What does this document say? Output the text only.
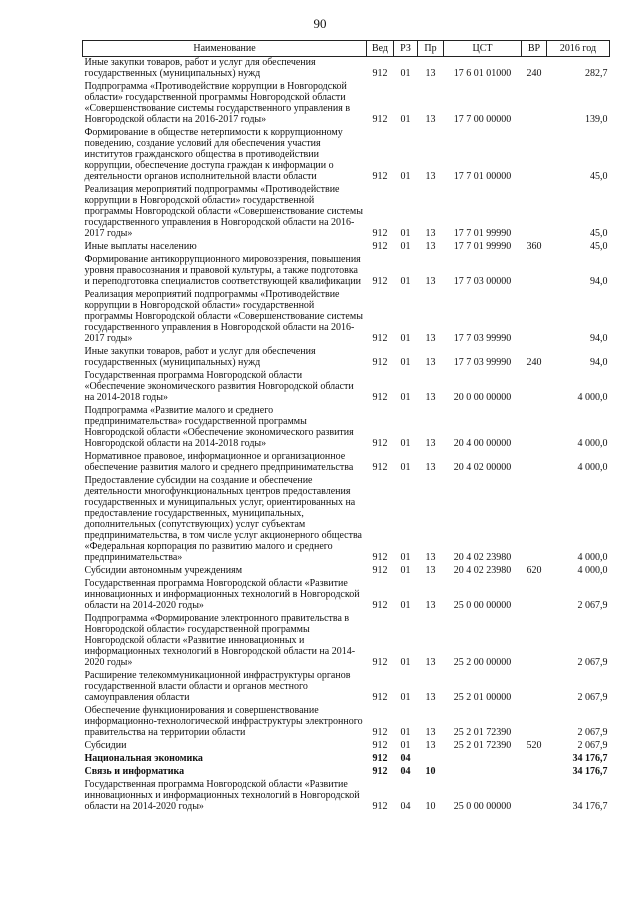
90
Наименование	Вед	РЗ	Пр	ЦСТ	ВР	2016 год
Иные закупки товаров, работ и услуг для обеспечения государственных (муниципальных) нужд	912	01	13	17 6 01 01000	240	282,7
Подпрограмма «Противодействие коррупции в Новгородской области» государственной программы Новгородской области «Совершенствование системы государственного управления в Новгородской области на 2016-2017 годы»	912	01	13	17 7 00 00000		139,0
Формирование в обществе нетерпимости к коррупционному поведению, создание условий для обеспечения участия институтов гражданского общества в противодействии коррупции, обеспечение доступа граждан к информации о деятельности органов исполнительной власти области	912	01	13	17 7 01 00000		45,0
Реализация мероприятий подпрограммы «Противодействие коррупции в Новгородской области» государственной программы Новгородской области «Совершенствование системы государственного управления в Новгородской области на 2016-2017 годы»	912	01	13	17 7 01 99990		45,0
Иные выплаты населению	912	01	13	17 7 01 99990	360	45,0
Формирование антикоррупционного мировоззрения, повышения уровня правосознания и правовой культуры, а также подготовка и переподготовка специалистов соответствующей квалификации	912	01	13	17 7 03 00000		94,0
Реализация мероприятий подпрограммы «Противодействие коррупции в Новгородской области» государственной программы Новгородской области «Совершенствование системы государственного управления в Новгородской области на 2016-2017 годы»	912	01	13	17 7 03 99990		94,0
Иные закупки товаров, работ и услуг для обеспечения государственных (муниципальных) нужд	912	01	13	17 7 03 99990	240	94,0
Государственная программа Новгородской области «Обеспечение экономического развития Новгородской области на 2014-2018 годы»	912	01	13	20 0 00 00000		4 000,0
Подпрограмма «Развитие малого и среднего предпринимательства» государственной программы Новгородской области «Обеспечение экономического развития Новгородской области на 2014-2018 годы»	912	01	13	20 4 00 00000		4 000,0
Нормативное правовое, информационное и организационное обеспечение развития малого и среднего предпринимательства	912	01	13	20 4 02 00000		4 000,0
Предоставление субсидии на создание и обеспечение деятельности многофункциональных центров предоставления государственных и муниципальных услуг, ориентированных на предоставление государственных, муниципальных, дополнительных (сопутствующих) услуг субъектам предпринимательства, в том числе услуг акционерного общества «Федеральная корпорация по развитию малого и среднего предпринимательства»	912	01	13	20 4 02 23980		4 000,0
Субсидии автономным учреждениям	912	01	13	20 4 02 23980	620	4 000,0
Государственная программа Новгородской области «Развитие инновационных и информационных технологий в Новгородской области на 2014-2020 годы»	912	01	13	25 0 00 00000		2 067,9
Подпрограмма «Формирование электронного правительства в Новгородской области» государственной программы Новгородской области «Развитие инновационных и информационных технологий в Новгородской области на 2014-2020 годы»	912	01	13	25 2 00 00000		2 067,9
Расширение телекоммуникационной инфраструктуры органов государственной власти области и органов местного самоуправления области	912	01	13	25 2 01 00000		2 067,9
Обеспечение функционирования и совершенствование информационно-технологической инфраструктуры электронного правительства на территории области	912	01	13	25 2 01 72390		2 067,9
Субсидии	912	01	13	25 2 01 72390	520	2 067,9
Национальная экономика	912	04				34 176,7
Связь и информатика	912	04	10			34 176,7
Государственная программа Новгородской области «Развитие инновационных и информационных технологий в Новгородской области на 2014-2020 годы»	912	04	10	25 0 00 00000		34 176,7
